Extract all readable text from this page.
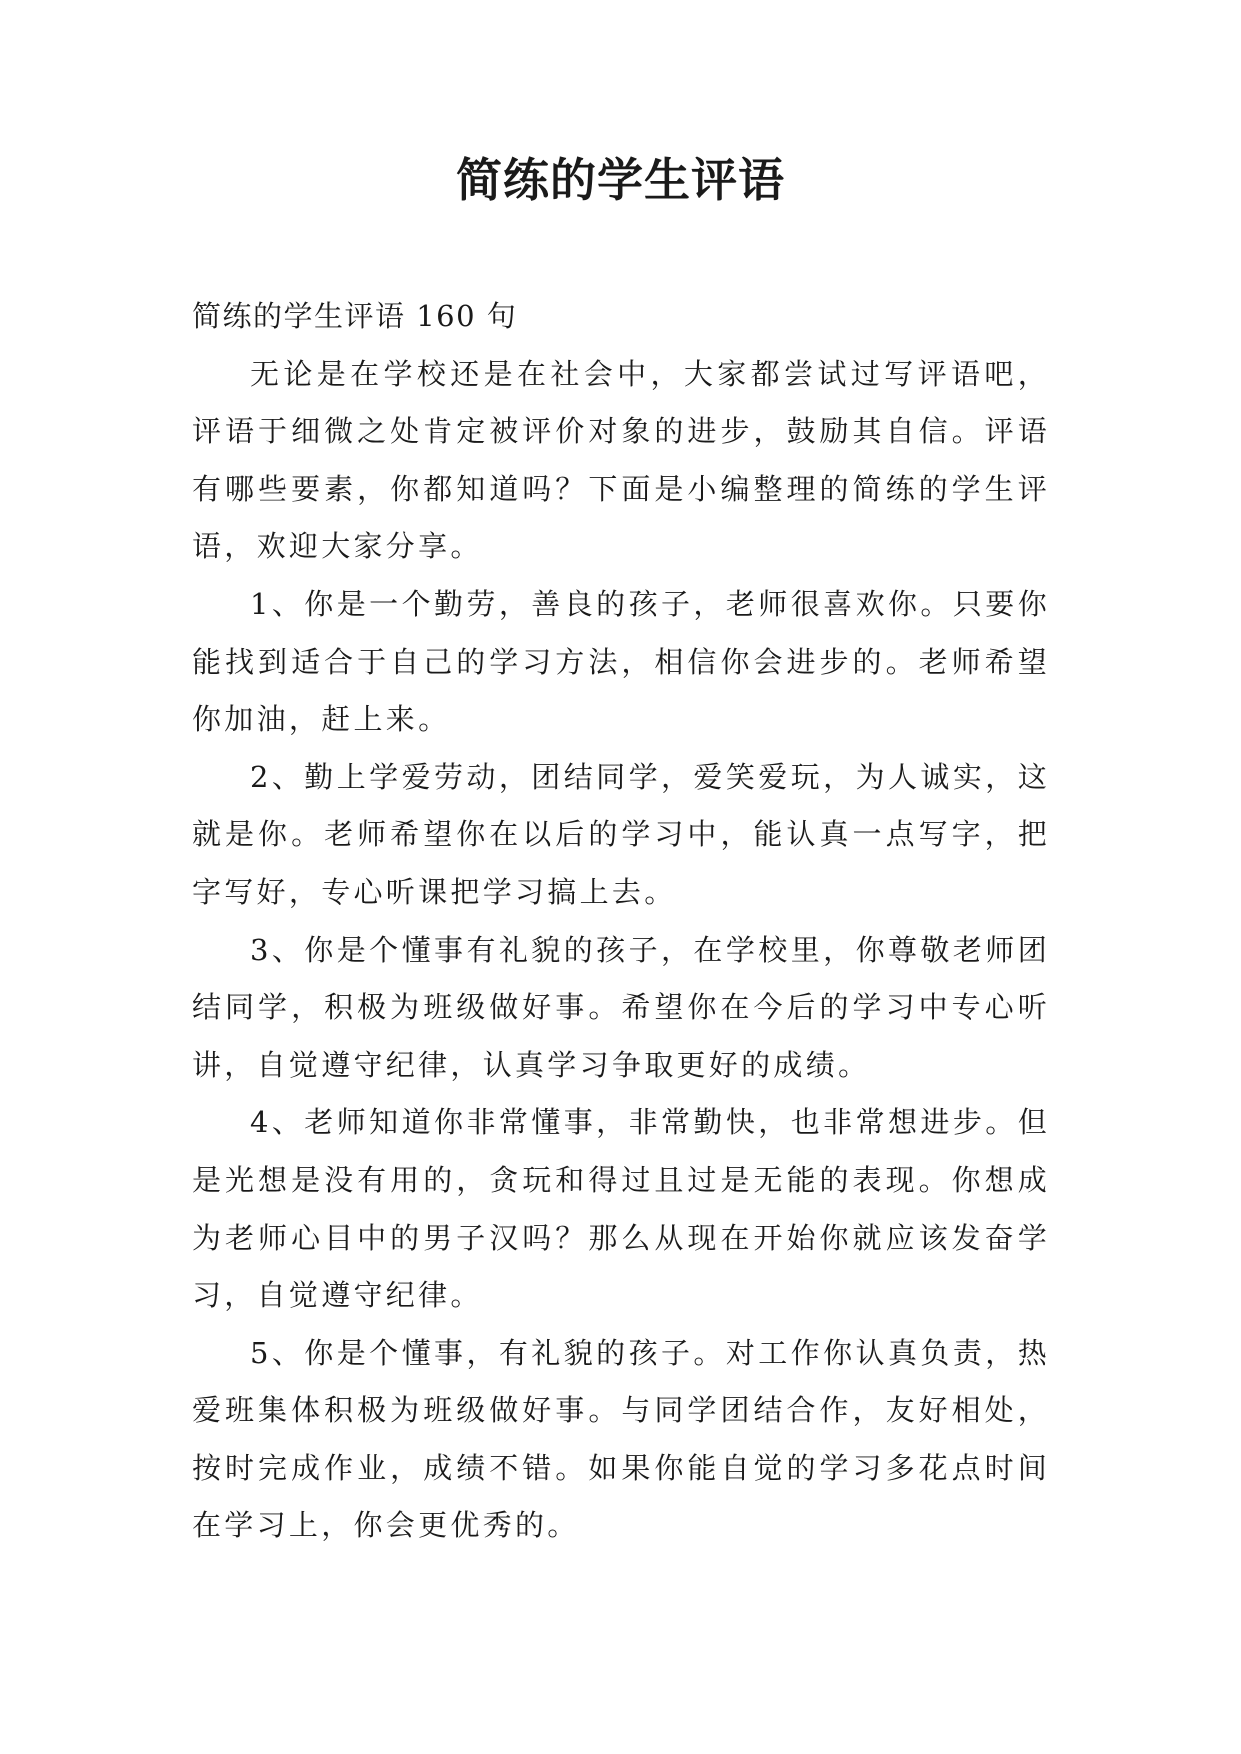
简练的学生评语

简练的学生评语 160 句

无论是在学校还是在社会中，大家都尝试过写评语吧，评语于细微之处肯定被评价对象的进步，鼓励其自信。评语有哪些要素，你都知道吗？下面是小编整理的简练的学生评语，欢迎大家分享。

1、你是一个勤劳，善良的孩子，老师很喜欢你。只要你能找到适合于自己的学习方法，相信你会进步的。老师希望你加油，赶上来。

2、勤上学爱劳动，团结同学，爱笑爱玩，为人诚实，这就是你。老师希望你在以后的学习中，能认真一点写字，把字写好，专心听课把学习搞上去。

3、你是个懂事有礼貌的孩子，在学校里，你尊敬老师团结同学，积极为班级做好事。希望你在今后的学习中专心听讲，自觉遵守纪律，认真学习争取更好的成绩。

4、老师知道你非常懂事，非常勤快，也非常想进步。但是光想是没有用的，贪玩和得过且过是无能的表现。你想成为老师心目中的男子汉吗？那么从现在开始你就应该发奋学习，自觉遵守纪律。

5、你是个懂事，有礼貌的孩子。对工作你认真负责，热爱班集体积极为班级做好事。与同学团结合作，友好相处，按时完成作业，成绩不错。如果你能自觉的学习多花点时间在学习上，你会更优秀的。
